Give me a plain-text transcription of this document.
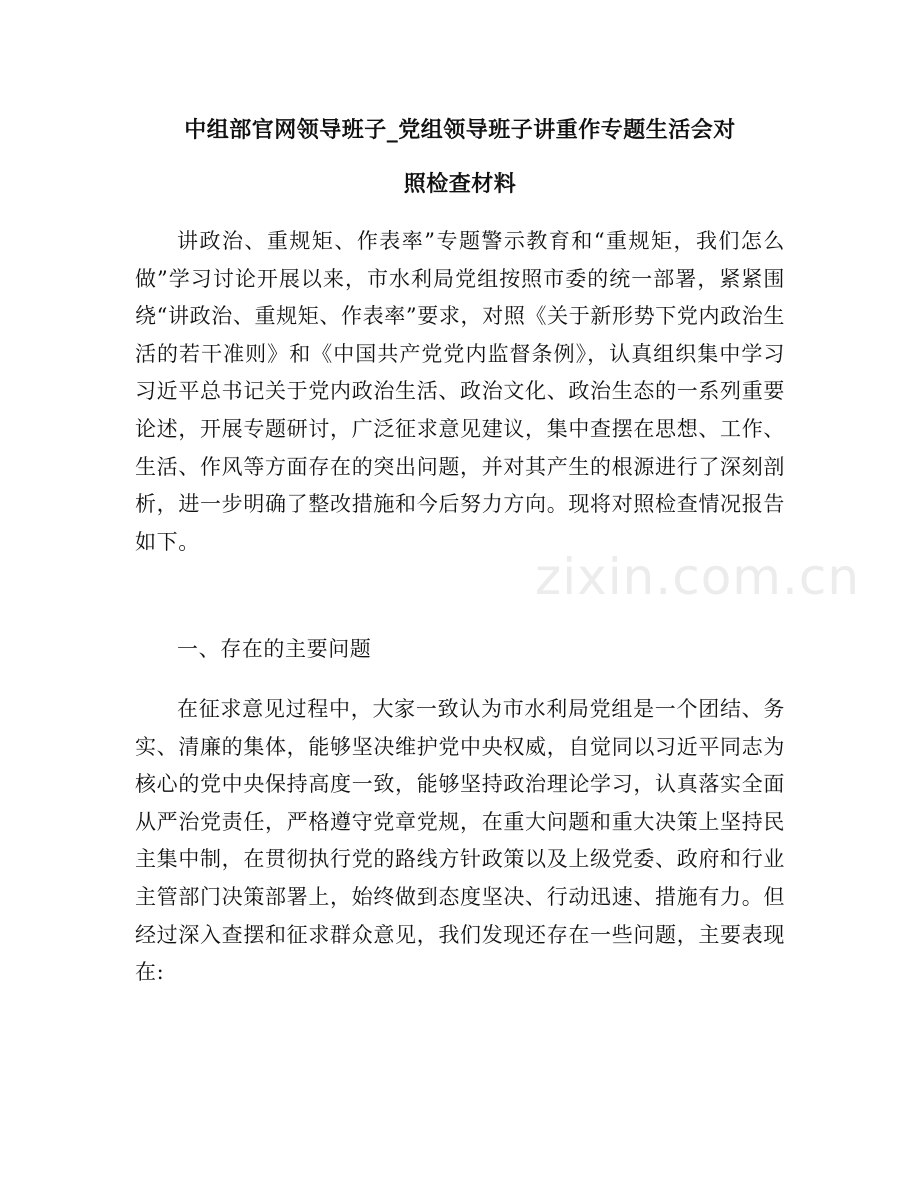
中组部官网领导班子_党组领导班子讲重作专题生活会对
照检查材料

讲政治、重规矩、作表率”专题警示教育和“重规矩，我们怎么做”学习讨论开展以来，市水利局党组按照市委的统一部署，紧紧围绕“讲政治、重规矩、作表率”要求，对照《关于新形势下党内政治生活的若干准则》和《中国共产党党内监督条例》，认真组织集中学习习近平总书记关于党内政治生活、政治文化、政治生态的一系列重要论述，开展专题研讨，广泛征求意见建议，集中查摆在思想、工作、生活、作风等方面存在的突出问题，并对其产生的根源进行了深刻剖析，进一步明确了整改措施和今后努力方向。现将对照检查情况报告如下。

一、存在的主要问题

在征求意见过程中，大家一致认为市水利局党组是一个团结、务实、清廉的集体，能够坚决维护党中央权威，自觉同以习近平同志为核心的党中央保持高度一致，能够坚持政治理论学习，认真落实全面从严治党责任，严格遵守党章党规，在重大问题和重大决策上坚持民主集中制，在贯彻执行党的路线方针政策以及上级党委、政府和行业主管部门决策部署上，始终做到态度坚决、行动迅速、措施有力。但经过深入查摆和征求群众意见，我们发现还存在一些问题，主要表现在:

zixin.com.cn
